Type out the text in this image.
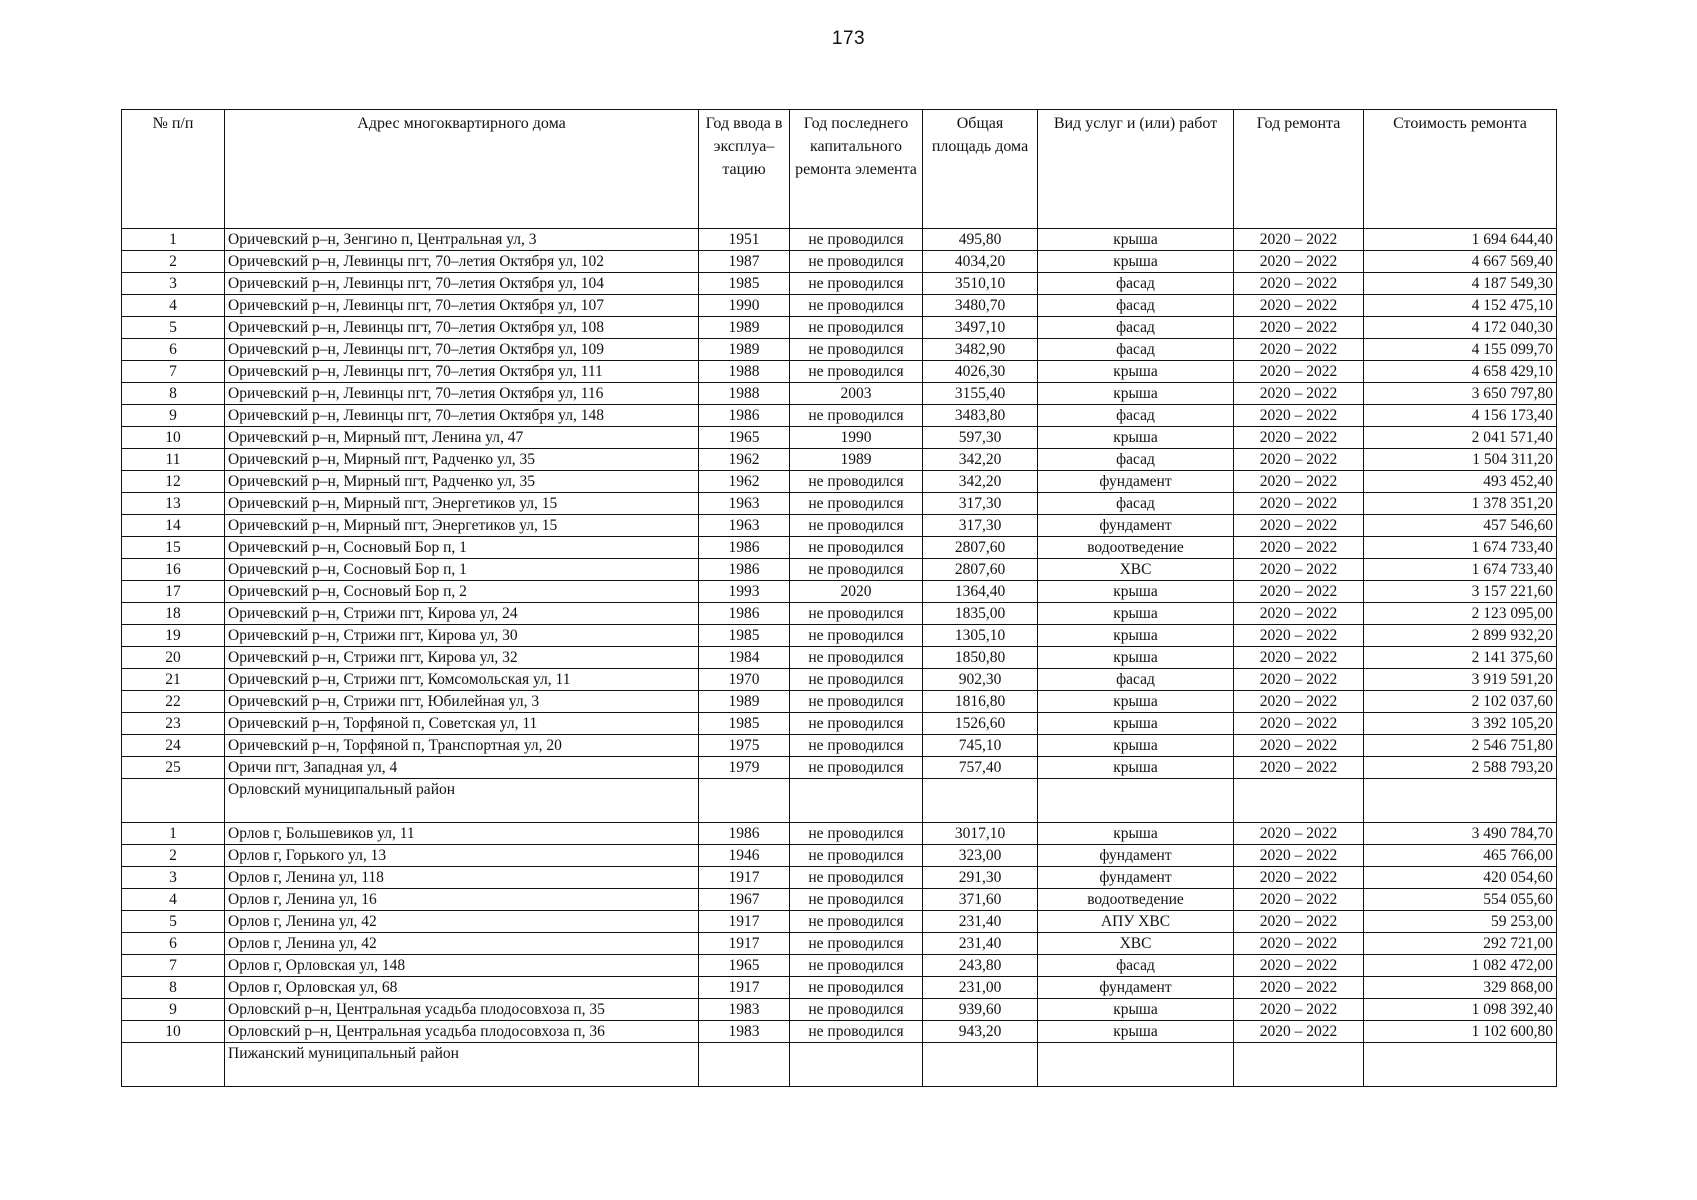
173
№ п/п	Адрес многоквартирного дома	Год ввода в эксплуа–тацию	Год последнего капитального ремонта элемента	Общая площадь дома	Вид услуг и (или) работ	Год ремонта	Стоимость ремонта
1	Оричевский р–н, Зенгино п, Центральная ул, 3	1951	не проводился	495,80	крыша	2020 – 2022	1 694 644,40
2	Оричевский р–н, Левинцы пгт, 70–летия Октября ул, 102	1987	не проводился	4034,20	крыша	2020 – 2022	4 667 569,40
3	Оричевский р–н, Левинцы пгт, 70–летия Октября ул, 104	1985	не проводился	3510,10	фасад	2020 – 2022	4 187 549,30
4	Оричевский р–н, Левинцы пгт, 70–летия Октября ул, 107	1990	не проводился	3480,70	фасад	2020 – 2022	4 152 475,10
5	Оричевский р–н, Левинцы пгт, 70–летия Октября ул, 108	1989	не проводился	3497,10	фасад	2020 – 2022	4 172 040,30
6	Оричевский р–н, Левинцы пгт, 70–летия Октября ул, 109	1989	не проводился	3482,90	фасад	2020 – 2022	4 155 099,70
7	Оричевский р–н, Левинцы пгт, 70–летия Октября ул, 111	1988	не проводился	4026,30	крыша	2020 – 2022	4 658 429,10
8	Оричевский р–н, Левинцы пгт, 70–летия Октября ул, 116	1988	2003	3155,40	крыша	2020 – 2022	3 650 797,80
9	Оричевский р–н, Левинцы пгт, 70–летия Октября ул, 148	1986	не проводился	3483,80	фасад	2020 – 2022	4 156 173,40
10	Оричевский р–н, Мирный пгт, Ленина ул, 47	1965	1990	597,30	крыша	2020 – 2022	2 041 571,40
11	Оричевский р–н, Мирный пгт, Радченко ул, 35	1962	1989	342,20	фасад	2020 – 2022	1 504 311,20
12	Оричевский р–н, Мирный пгт, Радченко ул, 35	1962	не проводился	342,20	фундамент	2020 – 2022	493 452,40
13	Оричевский р–н, Мирный пгт, Энергетиков ул, 15	1963	не проводился	317,30	фасад	2020 – 2022	1 378 351,20
14	Оричевский р–н, Мирный пгт, Энергетиков ул, 15	1963	не проводился	317,30	фундамент	2020 – 2022	457 546,60
15	Оричевский р–н, Сосновый Бор п, 1	1986	не проводился	2807,60	водоотведение	2020 – 2022	1 674 733,40
16	Оричевский р–н, Сосновый Бор п, 1	1986	не проводился	2807,60	ХВС	2020 – 2022	1 674 733,40
17	Оричевский р–н, Сосновый Бор п, 2	1993	2020	1364,40	крыша	2020 – 2022	3 157 221,60
18	Оричевский р–н, Стрижи пгт, Кирова ул, 24	1986	не проводился	1835,00	крыша	2020 – 2022	2 123 095,00
19	Оричевский р–н, Стрижи пгт, Кирова ул, 30	1985	не проводился	1305,10	крыша	2020 – 2022	2 899 932,20
20	Оричевский р–н, Стрижи пгт, Кирова ул, 32	1984	не проводился	1850,80	крыша	2020 – 2022	2 141 375,60
21	Оричевский р–н, Стрижи пгт, Комсомольская ул, 11	1970	не проводился	902,30	фасад	2020 – 2022	3 919 591,20
22	Оричевский р–н, Стрижи пгт, Юбилейная ул, 3	1989	не проводился	1816,80	крыша	2020 – 2022	2 102 037,60
23	Оричевский р–н, Торфяной п, Советская ул, 11	1985	не проводился	1526,60	крыша	2020 – 2022	3 392 105,20
24	Оричевский р–н, Торфяной п, Транспортная ул, 20	1975	не проводился	745,10	крыша	2020 – 2022	2 546 751,80
25	Оричи пгт, Западная ул, 4	1979	не проводился	757,40	крыша	2020 – 2022	2 588 793,20
	Орловский муниципальный район						
1	Орлов г, Большевиков ул, 11	1986	не проводился	3017,10	крыша	2020 – 2022	3 490 784,70
2	Орлов г, Горького ул, 13	1946	не проводился	323,00	фундамент	2020 – 2022	465 766,00
3	Орлов г, Ленина ул, 118	1917	не проводился	291,30	фундамент	2020 – 2022	420 054,60
4	Орлов г, Ленина ул, 16	1967	не проводился	371,60	водоотведение	2020 – 2022	554 055,60
5	Орлов г, Ленина ул, 42	1917	не проводился	231,40	АПУ ХВС	2020 – 2022	59 253,00
6	Орлов г, Ленина ул, 42	1917	не проводился	231,40	ХВС	2020 – 2022	292 721,00
7	Орлов г, Орловская ул, 148	1965	не проводился	243,80	фасад	2020 – 2022	1 082 472,00
8	Орлов г, Орловская ул, 68	1917	не проводился	231,00	фундамент	2020 – 2022	329 868,00
9	Орловский р–н, Центральная усадьба плодосовхоза п, 35	1983	не проводился	939,60	крыша	2020 – 2022	1 098 392,40
10	Орловский р–н, Центральная усадьба плодосовхоза п, 36	1983	не проводился	943,20	крыша	2020 – 2022	1 102 600,80
	Пижанский муниципальный район						
